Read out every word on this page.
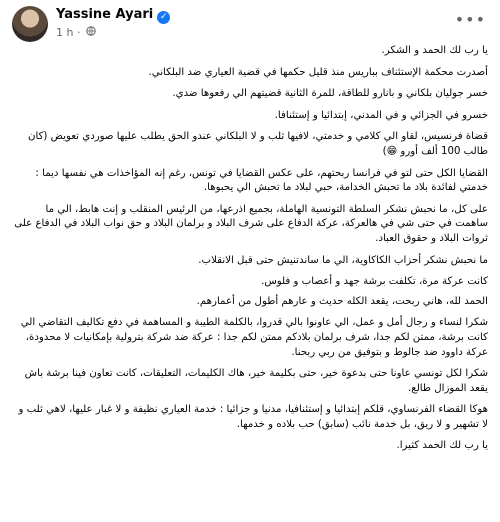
Yassine Ayari ✓
1 h ·
•••

يا رب لك الحمد و الشكر.

أصدرت محكمة الإستئناف بباريس منذ قليل حكمها في قضية العياري ضد البلكاني.

خسر جوليان بلكاني و بانارو للطاقة، للمرة الثانية قضيتهم الي رفعوها ضدي.

خسرو في الجزائي و في المدني، إبتدائيا و إستئنافا.

قضاة فرنسيس، لقاو الي كلامي و خدمتي، لافيها ثلب و لا البلكاني عندو الحق يطلب عليها صوردي تعويض (كان طالب 100 ألف أورو 😁)

القضايا الكل حتى لتو في فرانسا ربحتهم، على عكس القضايا في تونس، رغم إنه المؤاخذات هي نفسها ديما : خدمتي لفائدة بلاد ما تحبش الخدامة، حبي لبلاد ما تحبش الي يحبوها.

على كل، ما نحبش نشكر السلطة التونسية الهاملة، بجميع اذرعها، من الرئيس المنقلب و إنت هابط، الي ما ساهمت في حتى شي في هالعركة، عركة الدفاع على شرف البلاد و برلمان البلاد و حق نواب البلاد في الدفاع على ثروات البلاد و حقوق العباد.

ما نحبش نشكر أحزاب الكاكاوية، الي ما ساندتنيش حتى قبل الانقلاب.

كانت عركة مرة، تكلفت برشة جهد و أعصاب و فلوس.

الحمد لله، هاني ربحت، يقعد الكله حديث و عارهم أطول من أعمارهم.

شكرا لنساء و رجال أمل و عمل، الي عاونوا بالي قدروا، بالكلمة الطيبة و المساهمة في دفع تكاليف التقاضي الي كانت برشة، ممتن لكم جدا، شرف برلمان بلادكم ممتن لكم جدا : عركة ضد شركة بترولية بإمكانيات لا محدودة، عركة داوود ضد جالوط و بتوفيق من ربي ربحنا.

شكرا لكل تونسي عاونا حتى بدعوة خير، حتى بكليمة خير، هاك الكليمات، التعليقات، كانت تعاون فينا برشة باش يقعد الموزال طالع.

هوكا القضاء الفرنساوي، قلكم إبتدائيا و إستئنافيا، مدنيا و جزائيا : خدمة العياري نظيفة و لا غبار عليها، لاهي ثلب و لا تشهير و لا ريق، بل خدمة نائب (سابق) حب بلاده و خدمها.

يا رب لك الحمد كثيرا.
